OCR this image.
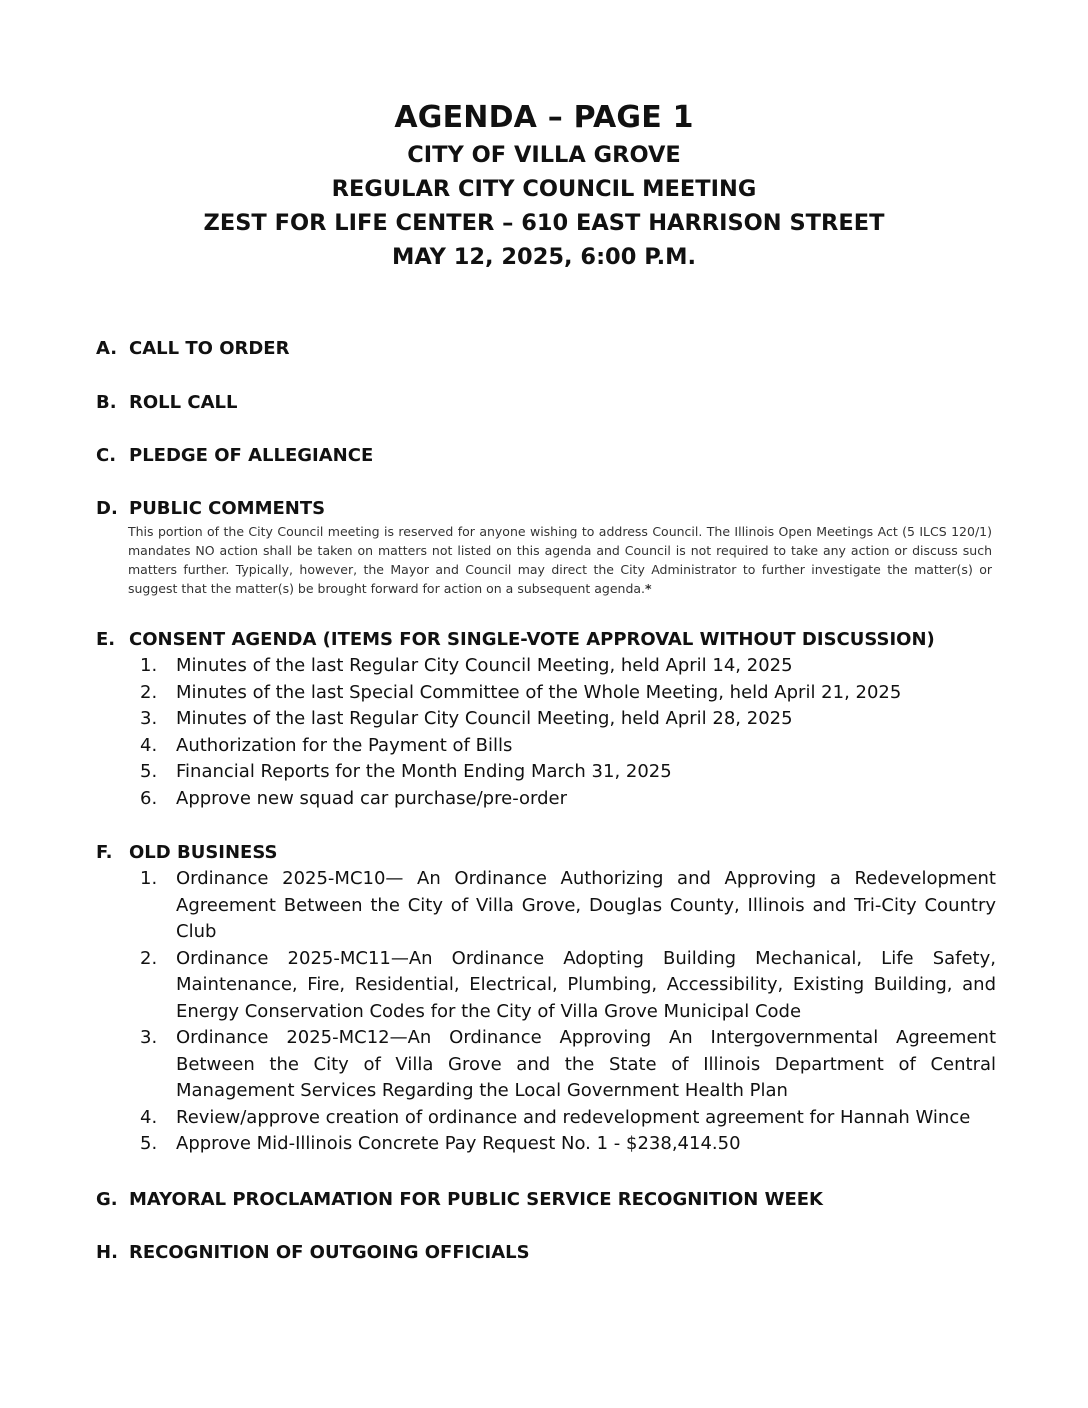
AGENDA – PAGE 1
CITY OF VILLA GROVE
REGULAR CITY COUNCIL MEETING
ZEST FOR LIFE CENTER – 610 EAST HARRISON STREET
MAY 12, 2025, 6:00 P.M.
A. CALL TO ORDER
B. ROLL CALL
C. PLEDGE OF ALLEGIANCE
D. PUBLIC COMMENTS
This portion of the City Council meeting is reserved for anyone wishing to address Council. The Illinois Open Meetings Act (5 ILCS 120/1) mandates NO action shall be taken on matters not listed on this agenda and Council is not required to take any action or discuss such matters further. Typically, however, the Mayor and Council may direct the City Administrator to further investigate the matter(s) or suggest that the matter(s) be brought forward for action on a subsequent agenda.*
E. CONSENT AGENDA (ITEMS FOR SINGLE-VOTE APPROVAL WITHOUT DISCUSSION)
1.	Minutes of the last Regular City Council Meeting, held April 14, 2025
2.	Minutes of the last Special Committee of the Whole Meeting, held April 21, 2025
3.	Minutes of the last Regular City Council Meeting, held April 28, 2025
4.	Authorization for the Payment of Bills
5.	Financial Reports for the Month Ending March 31, 2025
6.	Approve new squad car purchase/pre-order
F. OLD BUSINESS
1.	Ordinance 2025-MC10— An Ordinance Authorizing and Approving a Redevelopment Agreement Between the City of Villa Grove, Douglas County, Illinois and Tri-City Country Club
2.	Ordinance 2025-MC11—An Ordinance Adopting Building Mechanical, Life Safety, Maintenance, Fire, Residential, Electrical, Plumbing, Accessibility, Existing Building, and Energy Conservation Codes for the City of Villa Grove Municipal Code
3.	Ordinance 2025-MC12—An Ordinance Approving An Intergovernmental Agreement Between the City of Villa Grove and the State of Illinois Department of Central Management Services Regarding the Local Government Health Plan
4.	Review/approve creation of ordinance and redevelopment agreement for Hannah Wince
5.	Approve Mid-Illinois Concrete Pay Request No. 1 - $238,414.50
G. MAYORAL PROCLAMATION FOR PUBLIC SERVICE RECOGNITION WEEK
H. RECOGNITION OF OUTGOING OFFICIALS
